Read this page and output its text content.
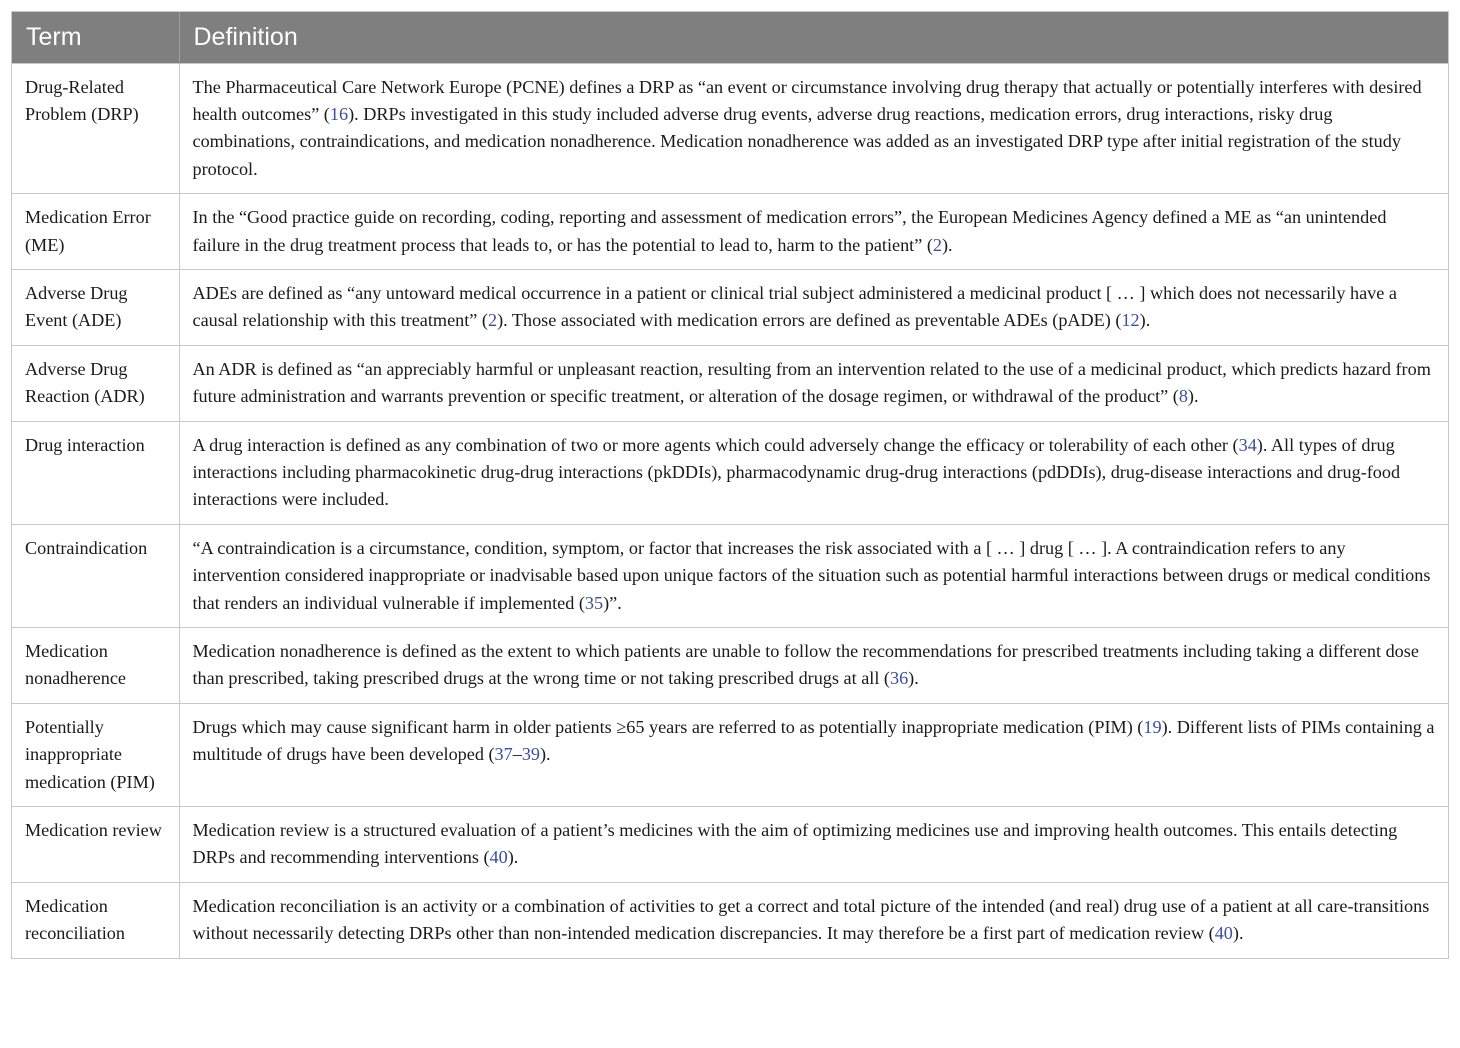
Term	Definition
Drug-Related Problem (DRP)	The Pharmaceutical Care Network Europe (PCNE) defines a DRP as “an event or circumstance involving drug therapy that actually or potentially interferes with desired health outcomes” (16). DRPs investigated in this study included adverse drug events, adverse drug reactions, medication errors, drug interactions, risky drug combinations, contraindications, and medication nonadherence. Medication nonadherence was added as an investigated DRP type after initial registration of the study protocol.
Medication Error (ME)	In the “Good practice guide on recording, coding, reporting and assessment of medication errors”, the European Medicines Agency defined a ME as “an unintended failure in the drug treatment process that leads to, or has the potential to lead to, harm to the patient” (2).
Adverse Drug Event (ADE)	ADEs are defined as “any untoward medical occurrence in a patient or clinical trial subject administered a medicinal product [ … ] which does not necessarily have a causal relationship with this treatment” (2). Those associated with medication errors are defined as preventable ADEs (pADE) (12).
Adverse Drug Reaction (ADR)	An ADR is defined as “an appreciably harmful or unpleasant reaction, resulting from an intervention related to the use of a medicinal product, which predicts hazard from future administration and warrants prevention or specific treatment, or alteration of the dosage regimen, or withdrawal of the product” (8).
Drug interaction	A drug interaction is defined as any combination of two or more agents which could adversely change the efficacy or tolerability of each other (34). All types of drug interactions including pharmacokinetic drug-drug interactions (pkDDIs), pharmacodynamic drug-drug interactions (pdDDIs), drug-disease interactions and drug-food interactions were included.
Contraindication	“A contraindication is a circumstance, condition, symptom, or factor that increases the risk associated with a [ … ] drug [ … ]. A contraindication refers to any intervention considered inappropriate or inadvisable based upon unique factors of the situation such as potential harmful interactions between drugs or medical conditions that renders an individual vulnerable if implemented (35)”.
Medication nonadherence	Medication nonadherence is defined as the extent to which patients are unable to follow the recommendations for prescribed treatments including taking a different dose than prescribed, taking prescribed drugs at the wrong time or not taking prescribed drugs at all (36).
Potentially inappropriate medication (PIM)	Drugs which may cause significant harm in older patients ≥65 years are referred to as potentially inappropriate medication (PIM) (19). Different lists of PIMs containing a multitude of drugs have been developed (37–39).
Medication review	Medication review is a structured evaluation of a patient’s medicines with the aim of optimizing medicines use and improving health outcomes. This entails detecting DRPs and recommending interventions (40).
Medication reconciliation	Medication reconciliation is an activity or a combination of activities to get a correct and total picture of the intended (and real) drug use of a patient at all care-transitions without necessarily detecting DRPs other than non-intended medication discrepancies. It may therefore be a first part of medication review (40).
